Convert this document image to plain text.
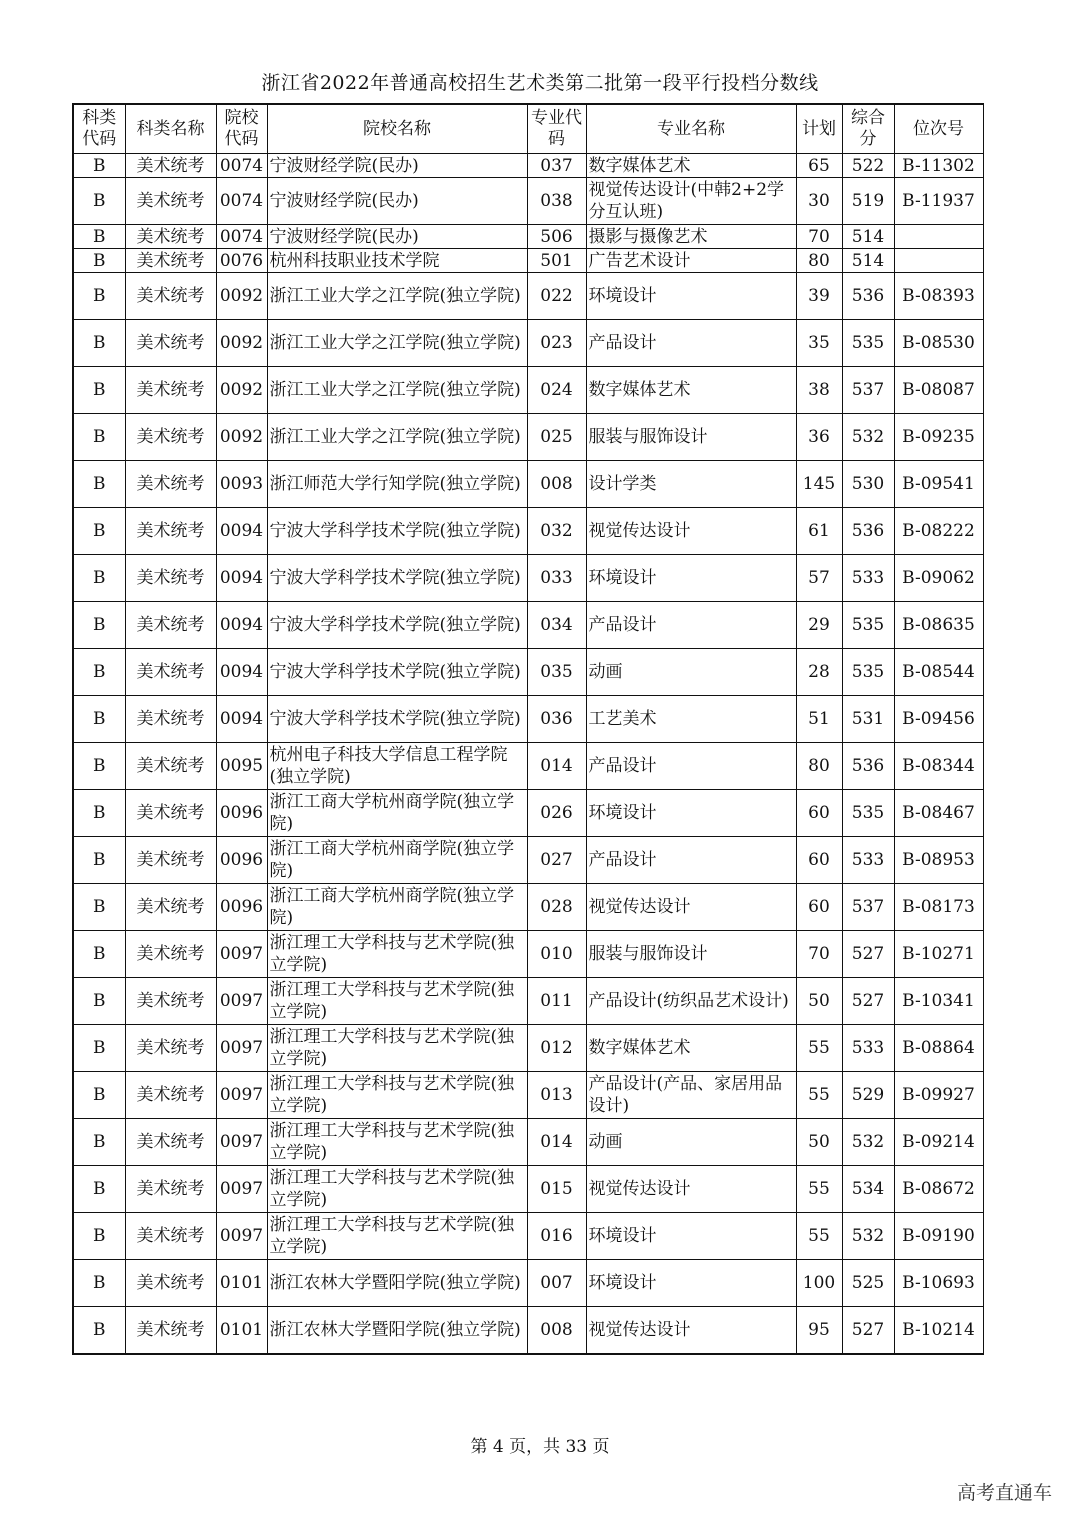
浙江省2022年普通高校招生艺术类第二批第一段平行投档分数线
科类代码	科类名称	院校代码	院校名称	专业代码	专业名称	计划	综合分	位次号
B	美术统考	0074	宁波财经学院(民办)	037	数字媒体艺术	65	522	B-11302
B	美术统考	0074	宁波财经学院(民办)	038	视觉传达设计(中韩2+2学分互认班)	30	519	B-11937
B	美术统考	0074	宁波财经学院(民办)	506	摄影与摄像艺术	70	514	
B	美术统考	0076	杭州科技职业技术学院	501	广告艺术设计	80	514	
B	美术统考	0092	浙江工业大学之江学院(独立学院)	022	环境设计	39	536	B-08393
B	美术统考	0092	浙江工业大学之江学院(独立学院)	023	产品设计	35	535	B-08530
B	美术统考	0092	浙江工业大学之江学院(独立学院)	024	数字媒体艺术	38	537	B-08087
B	美术统考	0092	浙江工业大学之江学院(独立学院)	025	服装与服饰设计	36	532	B-09235
B	美术统考	0093	浙江师范大学行知学院(独立学院)	008	设计学类	145	530	B-09541
B	美术统考	0094	宁波大学科学技术学院(独立学院)	032	视觉传达设计	61	536	B-08222
B	美术统考	0094	宁波大学科学技术学院(独立学院)	033	环境设计	57	533	B-09062
B	美术统考	0094	宁波大学科学技术学院(独立学院)	034	产品设计	29	535	B-08635
B	美术统考	0094	宁波大学科学技术学院(独立学院)	035	动画	28	535	B-08544
B	美术统考	0094	宁波大学科学技术学院(独立学院)	036	工艺美术	51	531	B-09456
B	美术统考	0095	杭州电子科技大学信息工程学院(独立学院)	014	产品设计	80	536	B-08344
B	美术统考	0096	浙江工商大学杭州商学院(独立学院)	026	环境设计	60	535	B-08467
B	美术统考	0096	浙江工商大学杭州商学院(独立学院)	027	产品设计	60	533	B-08953
B	美术统考	0096	浙江工商大学杭州商学院(独立学院)	028	视觉传达设计	60	537	B-08173
B	美术统考	0097	浙江理工大学科技与艺术学院(独立学院)	010	服装与服饰设计	70	527	B-10271
B	美术统考	0097	浙江理工大学科技与艺术学院(独立学院)	011	产品设计(纺织品艺术设计)	50	527	B-10341
B	美术统考	0097	浙江理工大学科技与艺术学院(独立学院)	012	数字媒体艺术	55	533	B-08864
B	美术统考	0097	浙江理工大学科技与艺术学院(独立学院)	013	产品设计(产品、家居用品设计)	55	529	B-09927
B	美术统考	0097	浙江理工大学科技与艺术学院(独立学院)	014	动画	50	532	B-09214
B	美术统考	0097	浙江理工大学科技与艺术学院(独立学院)	015	视觉传达设计	55	534	B-08672
B	美术统考	0097	浙江理工大学科技与艺术学院(独立学院)	016	环境设计	55	532	B-09190
B	美术统考	0101	浙江农林大学暨阳学院(独立学院)	007	环境设计	100	525	B-10693
B	美术统考	0101	浙江农林大学暨阳学院(独立学院)	008	视觉传达设计	95	527	B-10214
第 4 页，共 33 页
高考直通车
